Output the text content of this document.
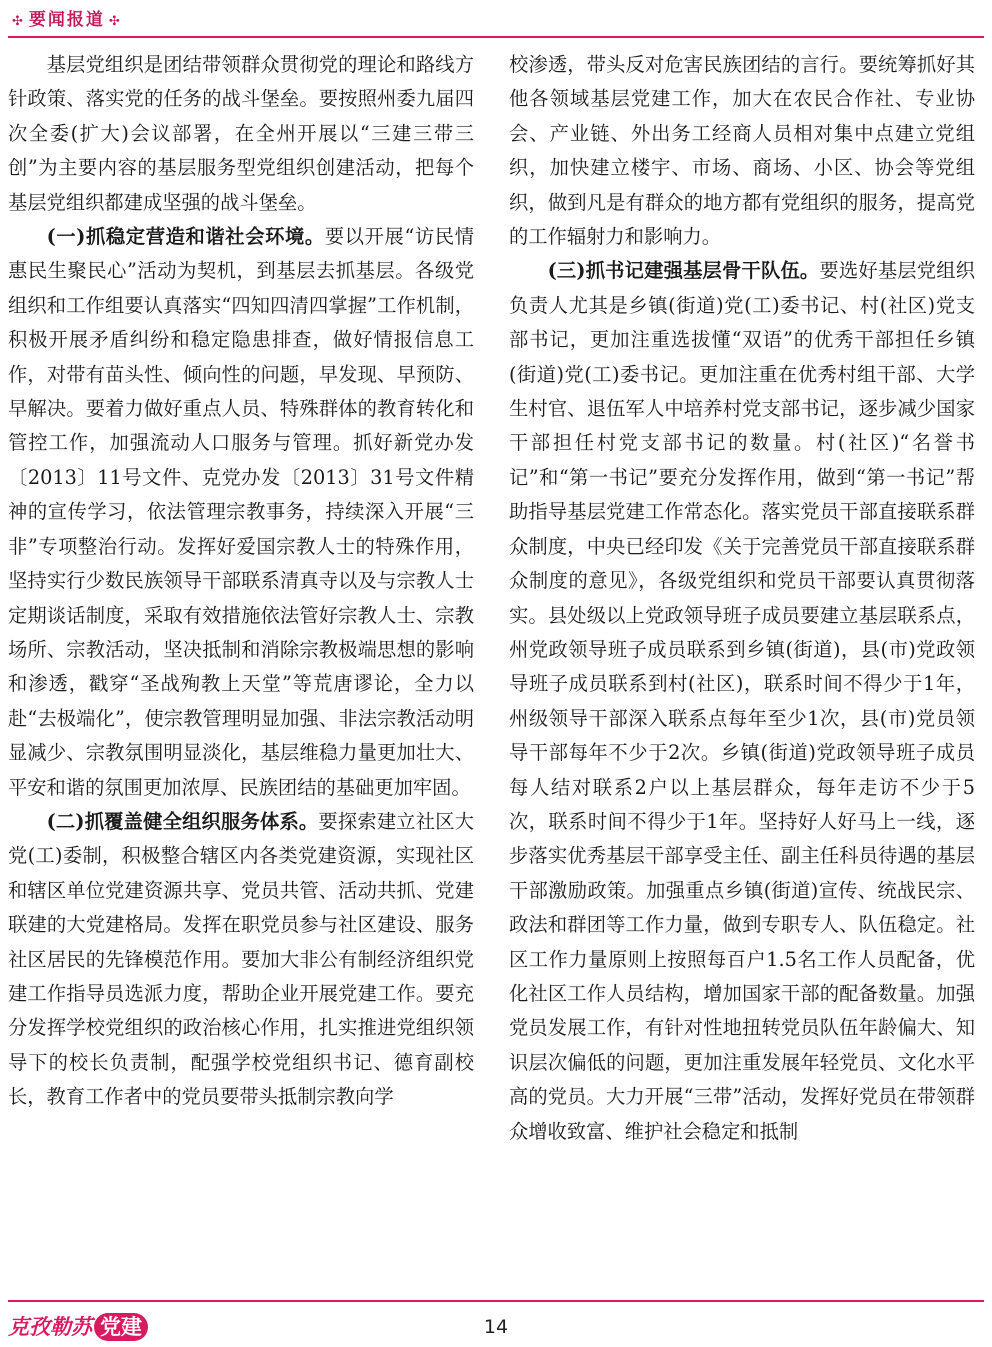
✣ 要闻报道 ✣

基层党组织是团结带领群众贯彻党的理论和路线方针政策、落实党的任务的战斗堡垒。要按照州委九届四次全委(扩大)会议部署，在全州开展以“三建三带三创”为主要内容的基层服务型党组织创建活动，把每个基层党组织都建成坚强的战斗堡垒。

(一)抓稳定营造和谐社会环境。要以开展“访民情惠民生聚民心”活动为契机，到基层去抓基层。各级党组织和工作组要认真落实“四知四清四掌握”工作机制，积极开展矛盾纠纷和稳定隐患排查，做好情报信息工作，对带有苗头性、倾向性的问题，早发现、早预防、早解决。要着力做好重点人员、特殊群体的教育转化和管控工作，加强流动人口服务与管理。抓好新党办发〔2013〕11号文件、克党办发〔2013〕31号文件精神的宣传学习，依法管理宗教事务，持续深入开展“三非”专项整治行动。发挥好爱国宗教人士的特殊作用，坚持实行少数民族领导干部联系清真寺以及与宗教人士定期谈话制度，采取有效措施依法管好宗教人士、宗教场所、宗教活动，坚决抵制和消除宗教极端思想的影响和渗透，戳穿“圣战殉教上天堂”等荒唐谬论，全力以赴“去极端化”，使宗教管理明显加强、非法宗教活动明显减少、宗教氛围明显淡化，基层维稳力量更加壮大、平安和谐的氛围更加浓厚、民族团结的基础更加牢固。

(二)抓覆盖健全组织服务体系。要探索建立社区大党(工)委制，积极整合辖区内各类党建资源，实现社区和辖区单位党建资源共享、党员共管、活动共抓、党建联建的大党建格局。发挥在职党员参与社区建设、服务社区居民的先锋模范作用。要加大非公有制经济组织党建工作指导员选派力度，帮助企业开展党建工作。要充分发挥学校党组织的政治核心作用，扎实推进党组织领导下的校长负责制，配强学校党组织书记、德育副校长，教育工作者中的党员要带头抵制宗教向学

校渗透，带头反对危害民族团结的言行。要统筹抓好其他各领域基层党建工作，加大在农民合作社、专业协会、产业链、外出务工经商人员相对集中点建立党组织，加快建立楼宇、市场、商场、小区、协会等党组织，做到凡是有群众的地方都有党组织的服务，提高党的工作辐射力和影响力。

(三)抓书记建强基层骨干队伍。要选好基层党组织负责人尤其是乡镇(街道)党(工)委书记、村(社区)党支部书记，更加注重选拔懂“双语”的优秀干部担任乡镇(街道)党(工)委书记。更加注重在优秀村组干部、大学生村官、退伍军人中培养村党支部书记，逐步减少国家干部担任村党支部书记的数量。村(社区)“名誉书记”和“第一书记”要充分发挥作用，做到“第一书记”帮助指导基层党建工作常态化。落实党员干部直接联系群众制度，中央已经印发《关于完善党员干部直接联系群众制度的意见》，各级党组织和党员干部要认真贯彻落实。县处级以上党政领导班子成员要建立基层联系点，州党政领导班子成员联系到乡镇(街道)，县(市)党政领导班子成员联系到村(社区)，联系时间不得少于1年，州级领导干部深入联系点每年至少1次，县(市)党员领导干部每年不少于2次。乡镇(街道)党政领导班子成员每人结对联系2户以上基层群众，每年走访不少于5次，联系时间不得少于1年。坚持好人好马上一线，逐步落实优秀基层干部享受主任、副主任科员待遇的基层干部激励政策。加强重点乡镇(街道)宣传、统战民宗、政法和群团等工作力量，做到专职专人、队伍稳定。社区工作力量原则上按照每百户1.5名工作人员配备，优化社区工作人员结构，增加国家干部的配备数量。加强党员发展工作，有针对性地扭转党员队伍年龄偏大、知识层次偏低的问题，更加注重发展年轻党员、文化水平高的党员。大力开展“三带”活动，发挥好党员在带领群众增收致富、维护社会稳定和抵制

克孜勒苏 党建	14
